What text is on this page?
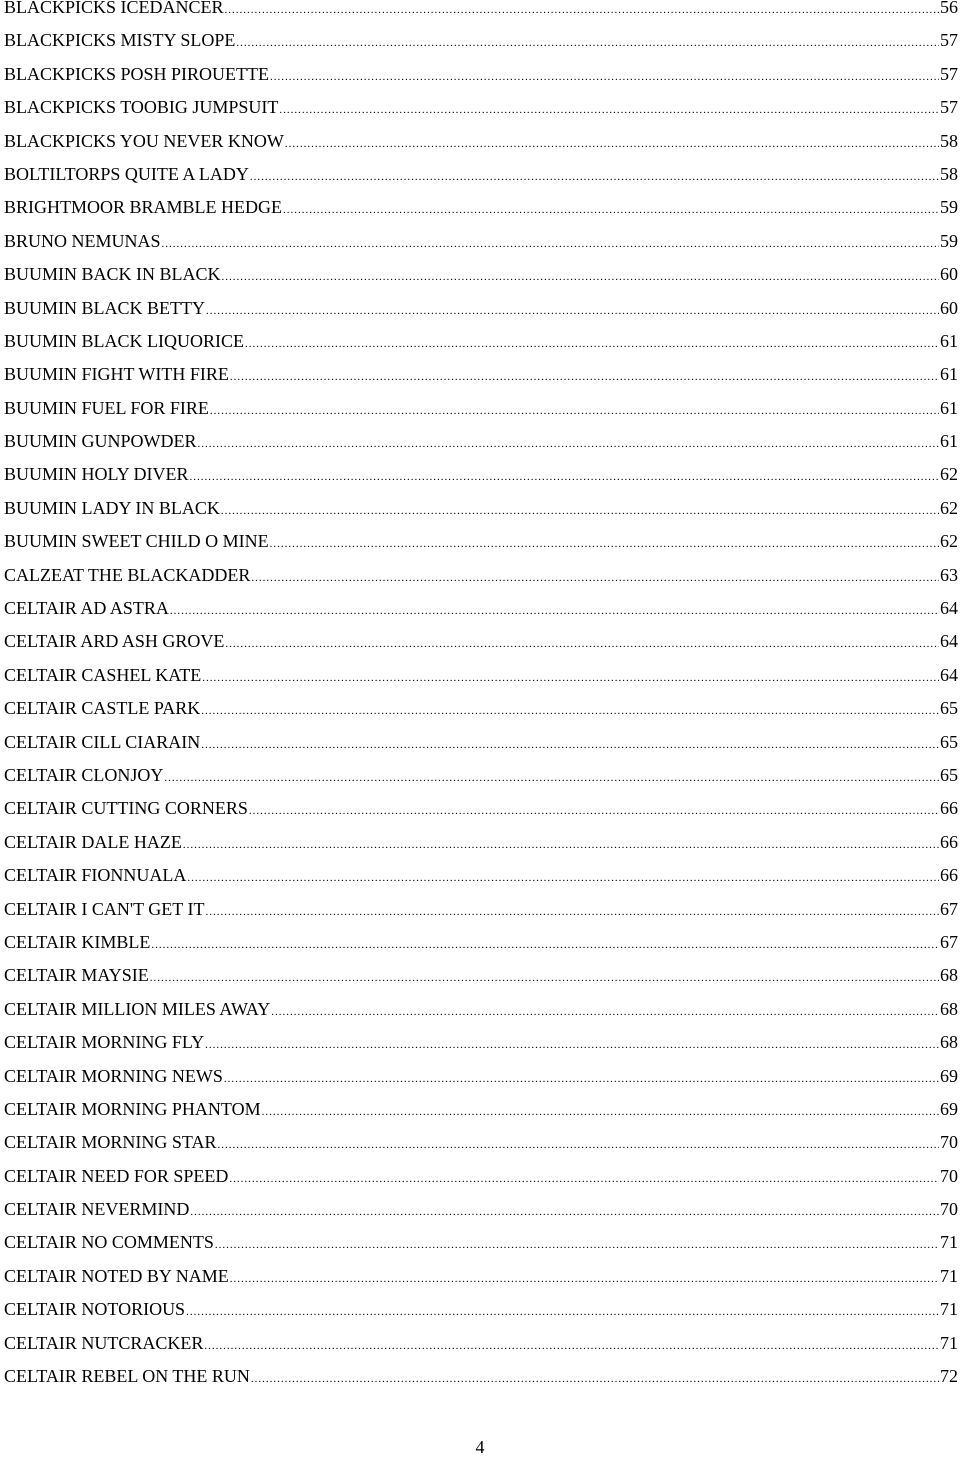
BLACKPICKS ICEDANCER .....	56
BLACKPICKS MISTY SLOPE .....	57
BLACKPICKS POSH PIROUETTE .....	57
BLACKPICKS TOOBIG JUMPSUIT .....	57
BLACKPICKS YOU NEVER KNOW .....	58
BOLTILTORPS QUITE A LADY .....	58
BRIGHTMOOR BRAMBLE HEDGE .....	59
BRUNO NEMUNAS .....	59
BUUMIN BACK IN BLACK .....	60
BUUMIN BLACK BETTY .....	60
BUUMIN BLACK LIQUORICE .....	61
BUUMIN FIGHT WITH FIRE .....	61
BUUMIN FUEL FOR FIRE .....	61
BUUMIN GUNPOWDER .....	61
BUUMIN HOLY DIVER .....	62
BUUMIN LADY IN BLACK .....	62
BUUMIN SWEET CHILD O MINE .....	62
CALZEAT THE BLACKADDER .....	63
CELTAIR AD ASTRA .....	64
CELTAIR ARD ASH GROVE .....	64
CELTAIR CASHEL KATE .....	64
CELTAIR CASTLE PARK .....	65
CELTAIR CILL CIARAIN .....	65
CELTAIR CLONJOY .....	65
CELTAIR CUTTING CORNERS .....	66
CELTAIR DALE HAZE .....	66
CELTAIR FIONNUALA .....	66
CELTAIR I CAN'T GET IT .....	67
CELTAIR KIMBLE .....	67
CELTAIR MAYSIE .....	68
CELTAIR MILLION MILES AWAY .....	68
CELTAIR MORNING FLY .....	68
CELTAIR MORNING NEWS .....	69
CELTAIR MORNING PHANTOM .....	69
CELTAIR MORNING STAR .....	70
CELTAIR NEED FOR SPEED .....	70
CELTAIR NEVERMIND .....	70
CELTAIR NO COMMENTS .....	71
CELTAIR NOTED BY NAME .....	71
CELTAIR NOTORIOUS .....	71
CELTAIR NUTCRACKER .....	71
CELTAIR REBEL ON THE RUN .....	72
4
